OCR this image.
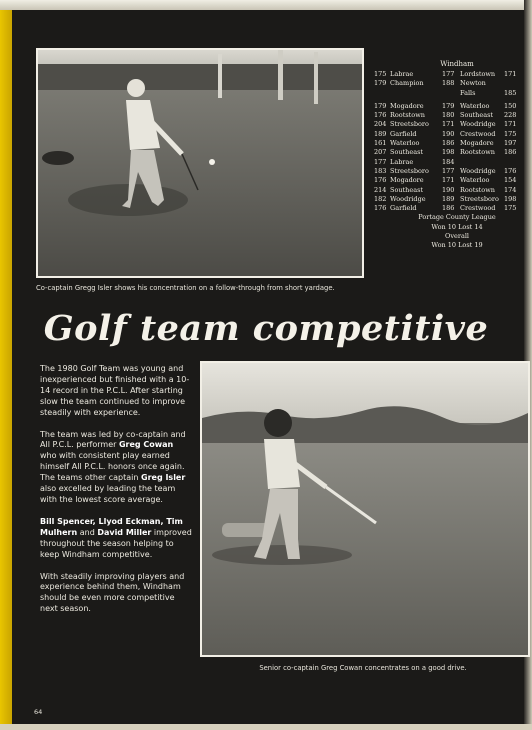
Co-captain Gregg Isler shows his concentration on a follow-through from short yardage.
Windham
175 Labrae	177 Lordstown	171
179 Champion	188 Newton
Falls	185
179 Mogadore	179 Waterloo	150
176 Rootstown	180 Southeast	228
204 Streetsboro	171 Woodridge	171
189 Garfield	190 Crestwood	175
161 Waterloo	186 Mogadore	197
207 Southeast	198 Rootstown	186
177 Labrae	184
183 Streetsboro	177 Woodridge	176
176 Mogadore	171 Waterloo	154
214 Southeast	190 Rootstown	174
182 Woodridge	189 Streetsboro 198
176 Garfield	186 Crestwood	175
Portage County League
Won 10 Lost 14
Overall
Won 10 Lost 19
Golf team competitive

The 1980 Golf Team was young and inexperienced but finished with a 10-14 record in the P.C.L. After starting slow the team continued to improve steadily with experience.

The team was led by co-captain and All P.C.L. performer Greg Cowan who with consistent play earned himself All P.C.L. honors once again. The teams other captain Greg Isler also excelled by leading the team with the lowest score average.

Bill Spencer, Llyod Eckman, Tim Mulhern and David Miller improved throughout the season helping to keep Windham competitive.

With steadily improving players and experience behind them, Windham should be even more competitive next season.

Senior co-captain Greg Cowan concentrates on a good drive.
64
